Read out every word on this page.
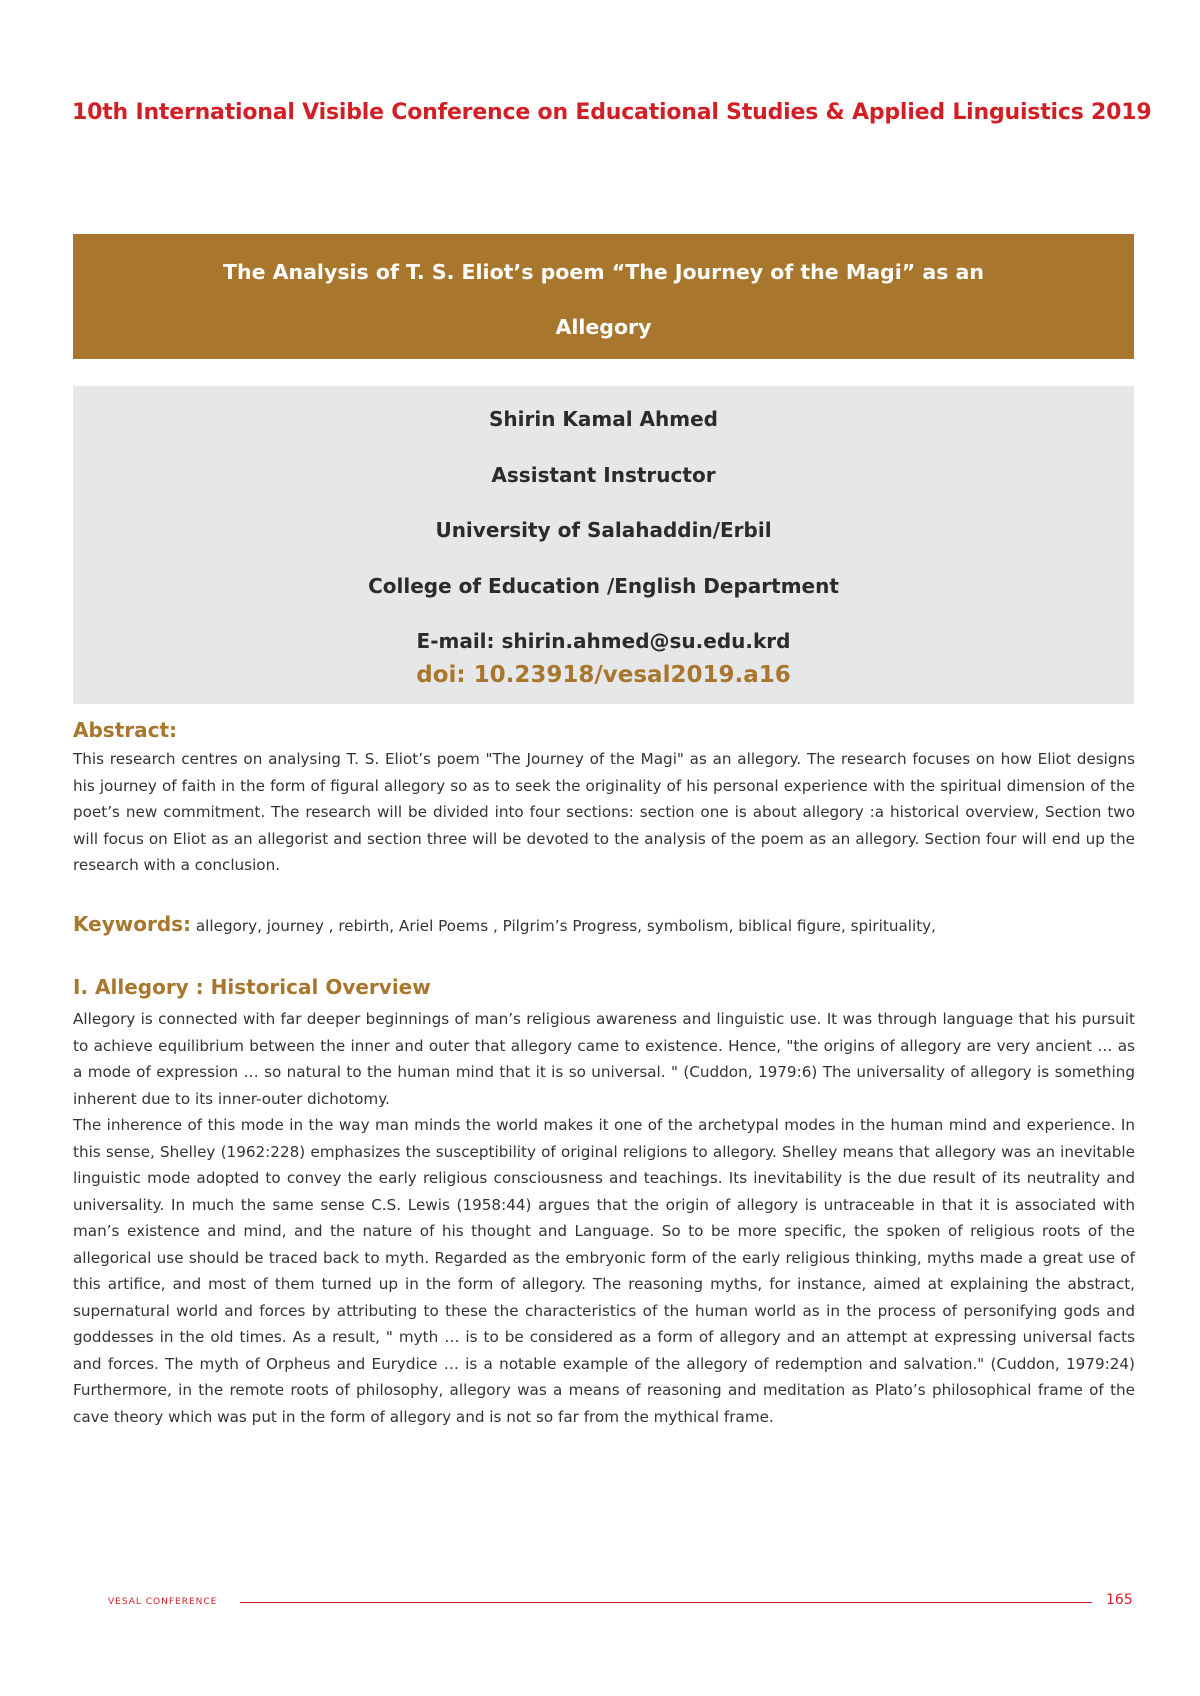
10th International Visible Conference on Educational Studies & Applied Linguistics 2019
The Analysis of T. S. Eliot’s poem “The Journey of the Magi” as an
Allegory
Shirin Kamal Ahmed
Assistant Instructor
University of Salahaddin/Erbil
College of Education /English Department
E-mail: shirin.ahmed@su.edu.krd
doi: 10.23918/vesal2019.a16
Abstract:

This research centres on analysing T. S. Eliot’s poem "The Journey of the Magi" as an allegory. The research focuses on how Eliot designs his journey of faith in the form of figural allegory so as to seek the originality of his personal experience with the spiritual dimension of the poet’s new commitment. The research will be divided into four sections: section one is about allegory :a historical overview, Section two will focus on Eliot as an allegorist and section three will be devoted to the analysis of the poem as an allegory. Section four will end up the research with a conclusion.

Keywords: allegory, journey , rebirth, Ariel Poems , Pilgrim’s Progress, symbolism, biblical figure, spirituality,
I. Allegory : Historical Overview

Allegory is connected with far deeper beginnings of man’s religious awareness and linguistic use. It was through language that his pursuit to achieve equilibrium between the inner and outer that allegory came to existence. Hence, "the origins of allegory are very ancient … as a mode of expression … so natural to the human mind that it is so universal. " (Cuddon, 1979:6) The universality of allegory is something inherent due to its inner-outer dichotomy.

The inherence of this mode in the way man minds the world makes it one of the archetypal modes in the human mind and experience. In this sense, Shelley (1962:228) emphasizes the susceptibility of original religions to allegory. Shelley means that allegory was an inevitable linguistic mode adopted to convey the early religious consciousness and teachings. Its inevitability is the due result of its neutrality and universality. In much the same sense C.S. Lewis (1958:44) argues that the origin of allegory is untraceable in that it is associated with man’s existence and mind, and the nature of his thought and Language. So to be more specific, the spoken of religious roots of the allegorical use should be traced back to myth. Regarded as the embryonic form of the early religious thinking, myths made a great use of this artifice, and most of them turned up in the form of allegory. The reasoning myths, for instance, aimed at explaining the abstract, supernatural world and forces by attributing to these the characteristics of the human world as in the process of personifying gods and goddesses in the old times. As a result, " myth … is to be considered as a form of allegory and an attempt at expressing universal facts and forces. The myth of Orpheus and Eurydice … is a notable example of the allegory of redemption and salvation." (Cuddon, 1979:24) Furthermore, in the remote roots of philosophy, allegory was a means of reasoning and meditation as Plato’s philosophical frame of the cave theory which was put in the form of allegory and is not so far from the mythical frame.

VESAL CONFERENCE	165
